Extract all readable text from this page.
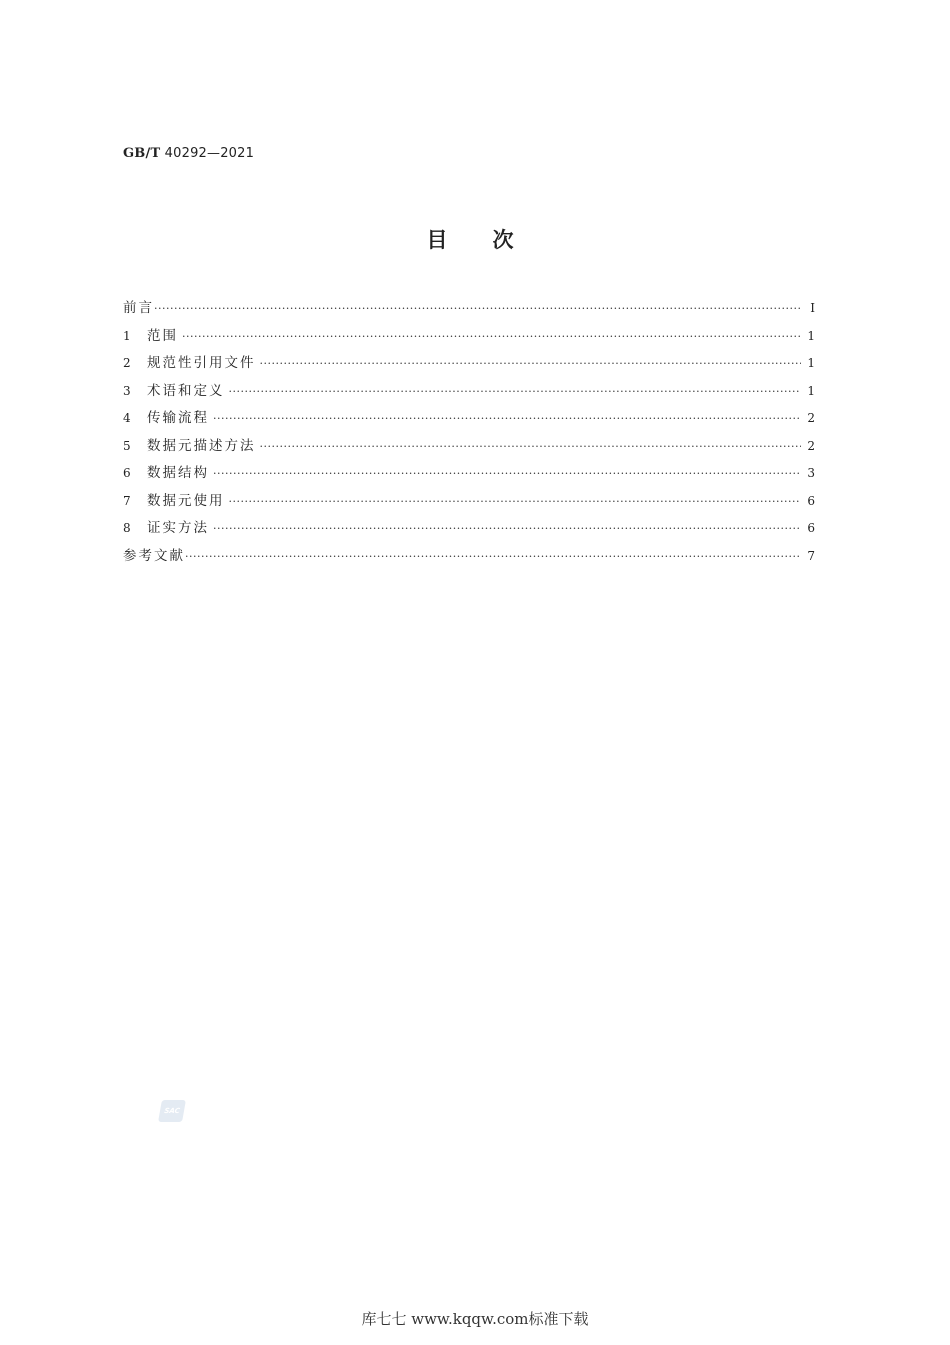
GB/T 40292—2021
目次
前言 ·····	Ⅰ
1	范围 ·····	1
2	规范性引用文件 ·····	1
3	术语和定义 ·····	1
4	传输流程 ·····	2
5	数据元描述方法 ·····	2
6	数据结构 ·····	3
7	数据元使用 ·····	6
8	证实方法 ·····	6
参考文献 ·····	7
SAC
库七七 www.kqqw.com标准下载
